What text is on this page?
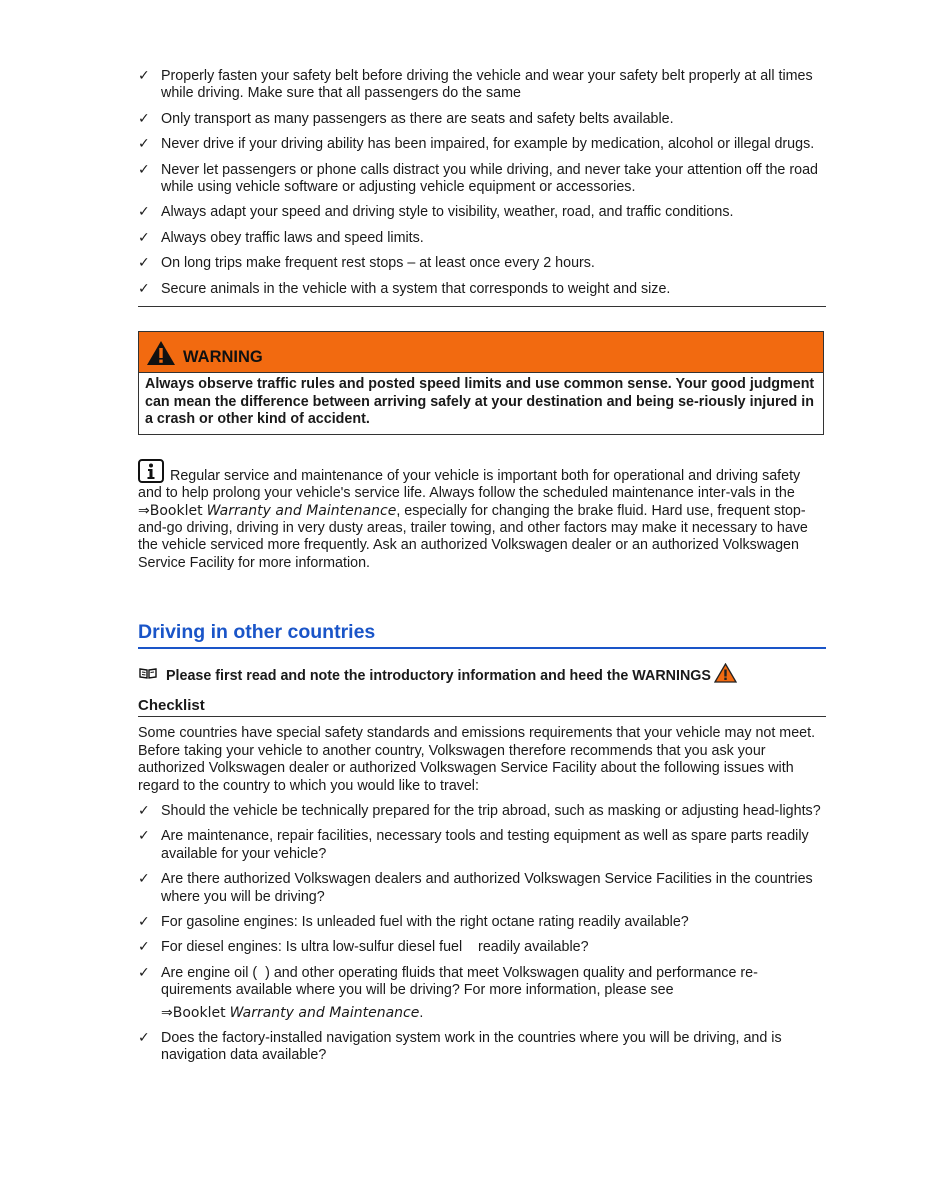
✓ Properly fasten your safety belt before driving the vehicle and wear your safety belt properly at all times while driving. Make sure that all passengers do the same
✓ Only transport as many passengers as there are seats and safety belts available.
✓ Never drive if your driving ability has been impaired, for example by medication, alcohol or illegal drugs.
✓ Never let passengers or phone calls distract you while driving, and never take your attention off the road while using vehicle software or adjusting vehicle equipment or accessories.
✓ Always adapt your speed and driving style to visibility, weather, road, and traffic conditions.
✓ Always obey traffic laws and speed limits.
✓ On long trips make frequent rest stops – at least once every 2 hours.
✓ Secure animals in the vehicle with a system that corresponds to weight and size.
WARNING
Always observe traffic rules and posted speed limits and use common sense. Your good judgment can mean the difference between arriving safely at your destination and being se-riously injured in a crash or other kind of accident.
Regular service and maintenance of your vehicle is important both for operational and driving safety and to help prolong your vehicle's service life. Always follow the scheduled maintenance inter-vals in the ⇒Booklet Warranty and Maintenance, especially for changing the brake fluid. Hard use, frequent stop-and-go driving, driving in very dusty areas, trailer towing, and other factors may make it necessary to have the vehicle serviced more frequently. Ask an authorized Volkswagen dealer or an authorized Volkswagen Service Facility for more information.
Driving in other countries
Please first read and note the introductory information and heed the WARNINGS
Checklist
Some countries have special safety standards and emissions requirements that your vehicle may not meet. Before taking your vehicle to another country, Volkswagen therefore recommends that you ask your authorized Volkswagen dealer or authorized Volkswagen Service Facility about the following issues with regard to the country to which you would like to travel:
✓ Should the vehicle be technically prepared for the trip abroad, such as masking or adjusting head-lights?
✓ Are maintenance, repair facilities, necessary tools and testing equipment as well as spare parts readily available for your vehicle?
✓ Are there authorized Volkswagen dealers and authorized Volkswagen Service Facilities in the countries where you will be driving?
✓ For gasoline engines: Is unleaded fuel with the right octane rating readily available?
✓ For diesel engines: Is ultra low-sulfur diesel fuel    readily available?
✓ Are engine oil (  ) and other operating fluids that meet Volkswagen quality and performance re-quirements available where you will be driving? For more information, please see
⇒Booklet Warranty and Maintenance.
✓ Does the factory-installed navigation system work in the countries where you will be driving, and is navigation data available?
